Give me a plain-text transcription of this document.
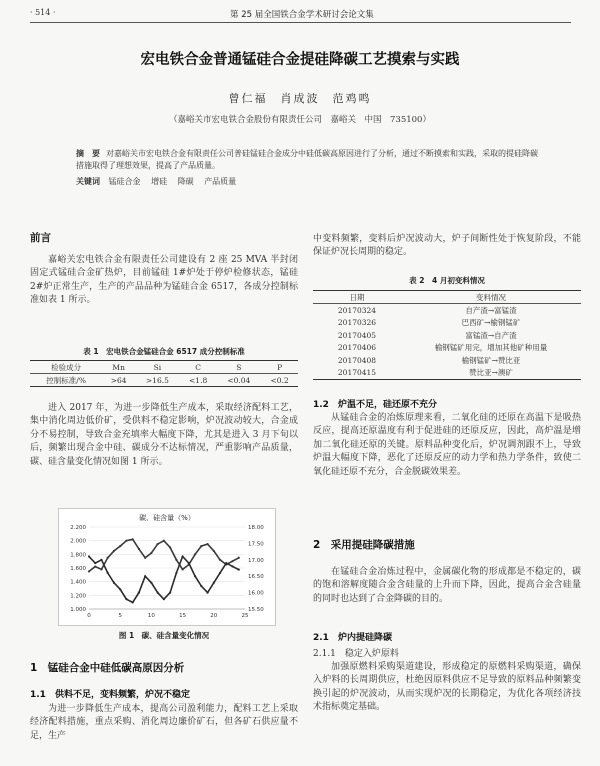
· 514 ·	第 25 届全国铁合金学术研讨会论文集
宏电铁合金普通锰硅合金提硅降碳工艺摸索与实践
曾仁福　肖成波　范鸡鸣
（嘉峪关市宏电铁合金股份有限责任公司　嘉峪关　中国　735100）
摘　要 对嘉峪关市宏电铁合金有限责任公司普硅锰硅合金成分中硅低碳高原因进行了分析，通过不断摸索和实践，采取的提硅降碳措施取得了理想效果，提高了产品质量。
关键词 锰硅合金 增硅 降碳 产品质量
前言

嘉峪关宏电铁合金有限责任公司建设有 2 座 25 MVA 半封闭固定式锰硅合金矿热炉，目前锰硅 1#炉处于停炉检修状态，锰硅 2#炉正常生产，生产的产品品种为锰硅合金 6517，各成分控制标准如表 1 所示。

表 1　宏电铁合金锰硅合金 6517 成分控制标准
检验成分	Mn	Si	C	S	P
控制标准/%	>64	>16.5	<1.8	<0.04	<0.2

进入 2017 年，为进一步降低生产成本，采取经济配料工艺，集中消化周边低价矿，受供料不稳定影响，炉况波动较大，合金成分不易控制，导致合金充填率大幅度下降，尤其是进入 3 月下旬以后，频繁出现合金中硅、碳成分不达标情况，严重影响产品质量，碳、硅含量变化情况如图 1 所示。

碳、硅含量（%）
2.200
2.000
1.800
1.600
1.400
1.200
1.000
18.00
17.50
17.00
16.50
16.00
15.50
0	5	10	15	20	25
图 1　碳、硅含量变化情况
1　锰硅合金中硅低碳高原因分析
1.1　供料不足，变料频繁，炉况不稳定

为进一步降低生产成本，提高公司盈利能力，配料工艺上采取经济配料措施，重点采购、消化周边廉价矿石，但各矿石供应量不足，生产

中变料频繁，变料后炉况波动大，炉子间断性处于恢复阶段，不能保证炉况长周期的稳定。

表 2　4 月初变料情况
日期	变料情况
20170324	自产渣→富锰渣
20170326	巴西矿→榆钢锰矿
20170405	富锰渣→自产渣
20170406	榆钢锰矿用完，增加其他矿种用量
20170408	榆钢锰矿→赞比亚
20170415	赞比亚→澳矿
1.2　炉温不足，硅还原不充分

从锰硅合金的冶炼原理来看，二氧化硅的还原在高温下是吸热反应，提高还原温度有利于促进硅的还原反应，因此，高炉温是增加二氧化硅还原的关键。原料品种变化后，炉况调剂跟不上，导致炉温大幅度下降，恶化了还原反应的动力学和热力学条件，致使二氧化硅还原不充分，合金脱碳效果差。

2　采用提硅降碳措施

在锰硅合金冶炼过程中，金属碳化物的形成都是不稳定的，碳的饱和溶解度随合金含硅量的上升而下降，因此，提高合金含硅量的同时也达到了合金降碳的目的。

2.1　炉内提硅降碳
2.1.1　稳定入炉原料

加强原燃料采购渠道建设，形成稳定的原燃料采购渠道，确保入炉料的长周期供应，杜绝因原料供应不足导致的原料品种频繁变换引起的炉况波动，从而实现炉况的长期稳定，为优化各项经济技术指标奠定基础。
